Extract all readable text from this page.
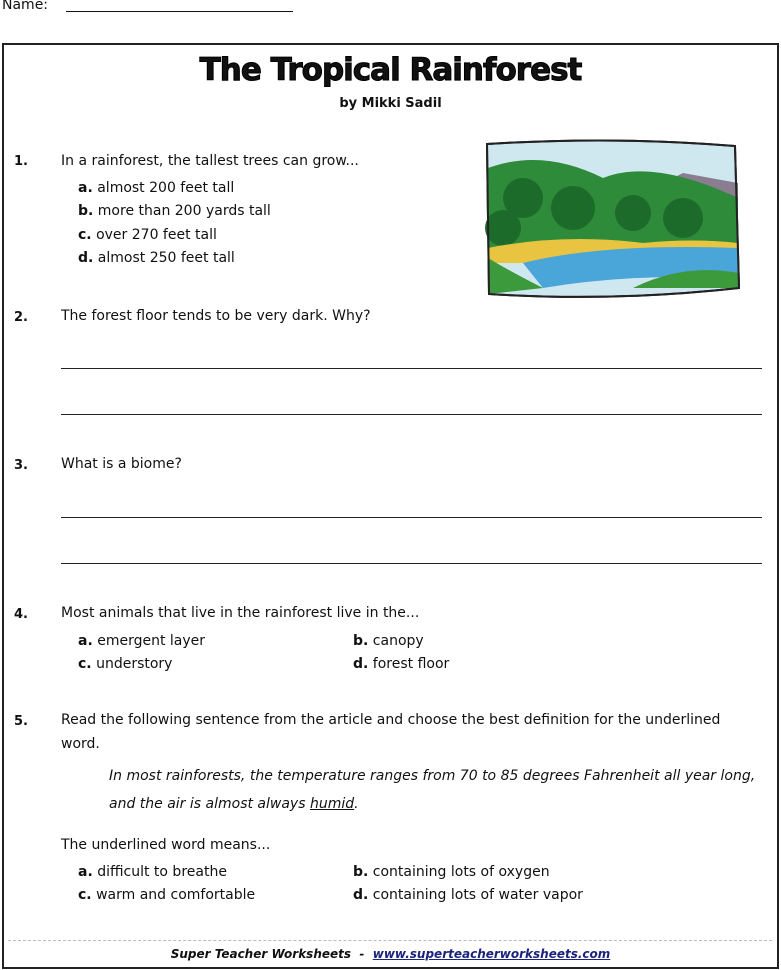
Name:
The Tropical Rainforest
by Mikki Sadil
1. In a rainforest, the tallest trees can grow...
a. almost 200 feet tall
b. more than 200 yards tall
c. over 270 feet tall
d. almost 250 feet tall
2. The forest floor tends to be very dark. Why?
3. What is a biome?
4. Most animals that live in the rainforest live in the...
a. emergent layer	b. canopy
c. understory	d. forest floor
5. Read the following sentence from the article and choose the best definition for the underlined
word.
In most rainforests, the temperature ranges from 70 to 85 degrees Fahrenheit all year long,
and the air is almost always humid.
The underlined word means...
a. difficult to breathe	b. containing lots of oxygen
c. warm and comfortable	d. containing lots of water vapor
Super Teacher Worksheets - www.superteacherworksheets.com
